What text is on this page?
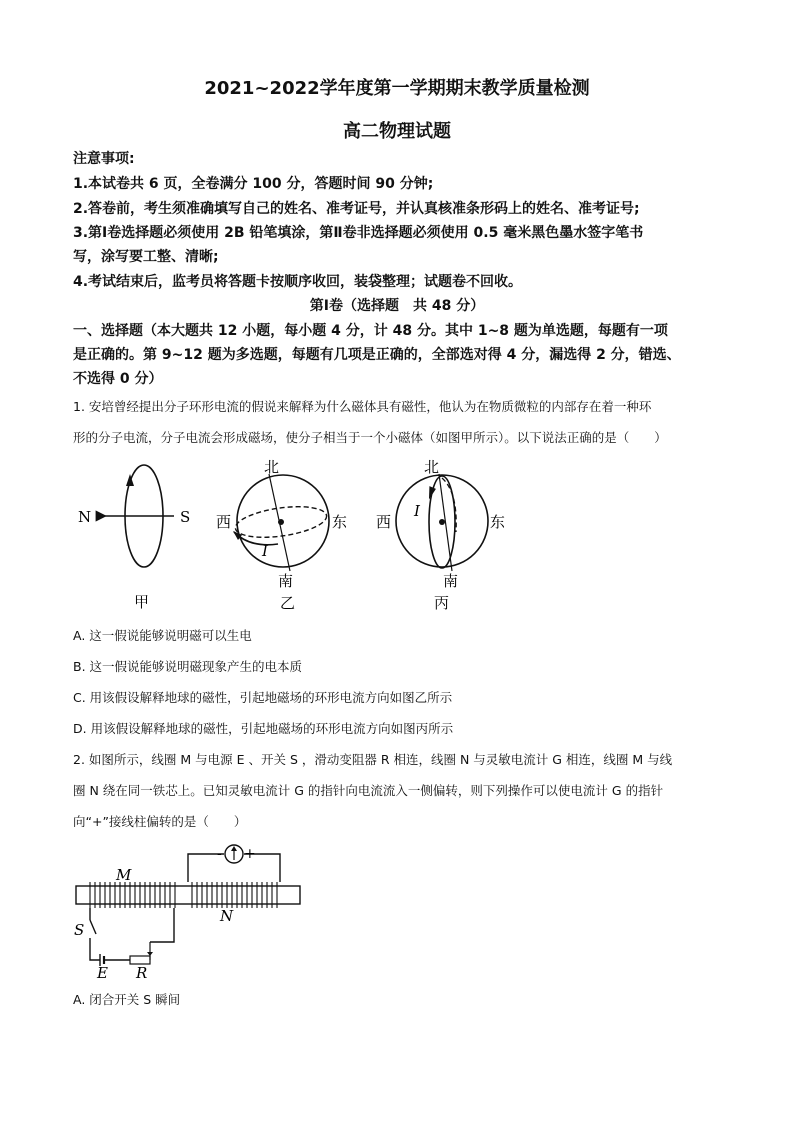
2021~2022学年度第一学期期末教学质量检测
高二物理试题
注意事项:
1.本试卷共 6 页，全卷满分 100 分，答题时间 90 分钟;
2.答卷前，考生须准确填写自己的姓名、准考证号，并认真核准条形码上的姓名、准考证号;
3.第Ⅰ卷选择题必须使用 2B 铅笔填涂，第Ⅱ卷非选择题必须使用 0.5 毫米黑色墨水签字笔书
写，涂写要工整、清晰;
4.考试结束后，监考员将答题卡按顺序收回，装袋整理；试题卷不回收。
第Ⅰ卷（选择题　共 48 分）
一、选择题（本大题共 12 小题，每小题 4 分，计 48 分。其中 1~8 题为单选题，每题有一项
是正确的。第 9~12 题为多选题，每题有几项是正确的，全部选对得 4 分，漏选得 2 分，错选、
不选得 0 分）
1. 安培曾经提出分子环形电流的假说来解释为什么磁体具有磁性，他认为在物质微粒的内部存在着一种环
形的分子电流，分子电流会形成磁场，使分子相当于一个小磁体（如图甲所示）。以下说法正确的是（　　）
N	S
甲
北
南
西	东
I
乙
北
南
西	东
I
丙
A. 这一假说能够说明磁可以生电
B. 这一假说能够说明磁现象产生的电本质
C. 用该假设解释地球的磁性，引起地磁场的环形电流方向如图乙所示
D. 用该假设解释地球的磁性，引起地磁场的环形电流方向如图丙所示
2. 如图所示，线圈 M 与电源 E 、开关 S ，滑动变阻器 R 相连，线圈 N 与灵敏电流计 G 相连，线圈 M 与线
圈 N 绕在同一铁芯上。已知灵敏电流计 G 的指针向电流流入一侧偏转，则下列操作可以使电流计 G 的指针
向“+”接线柱偏转的是（　　）
M
N
S
E R
- +
A. 闭合开关 S 瞬间
